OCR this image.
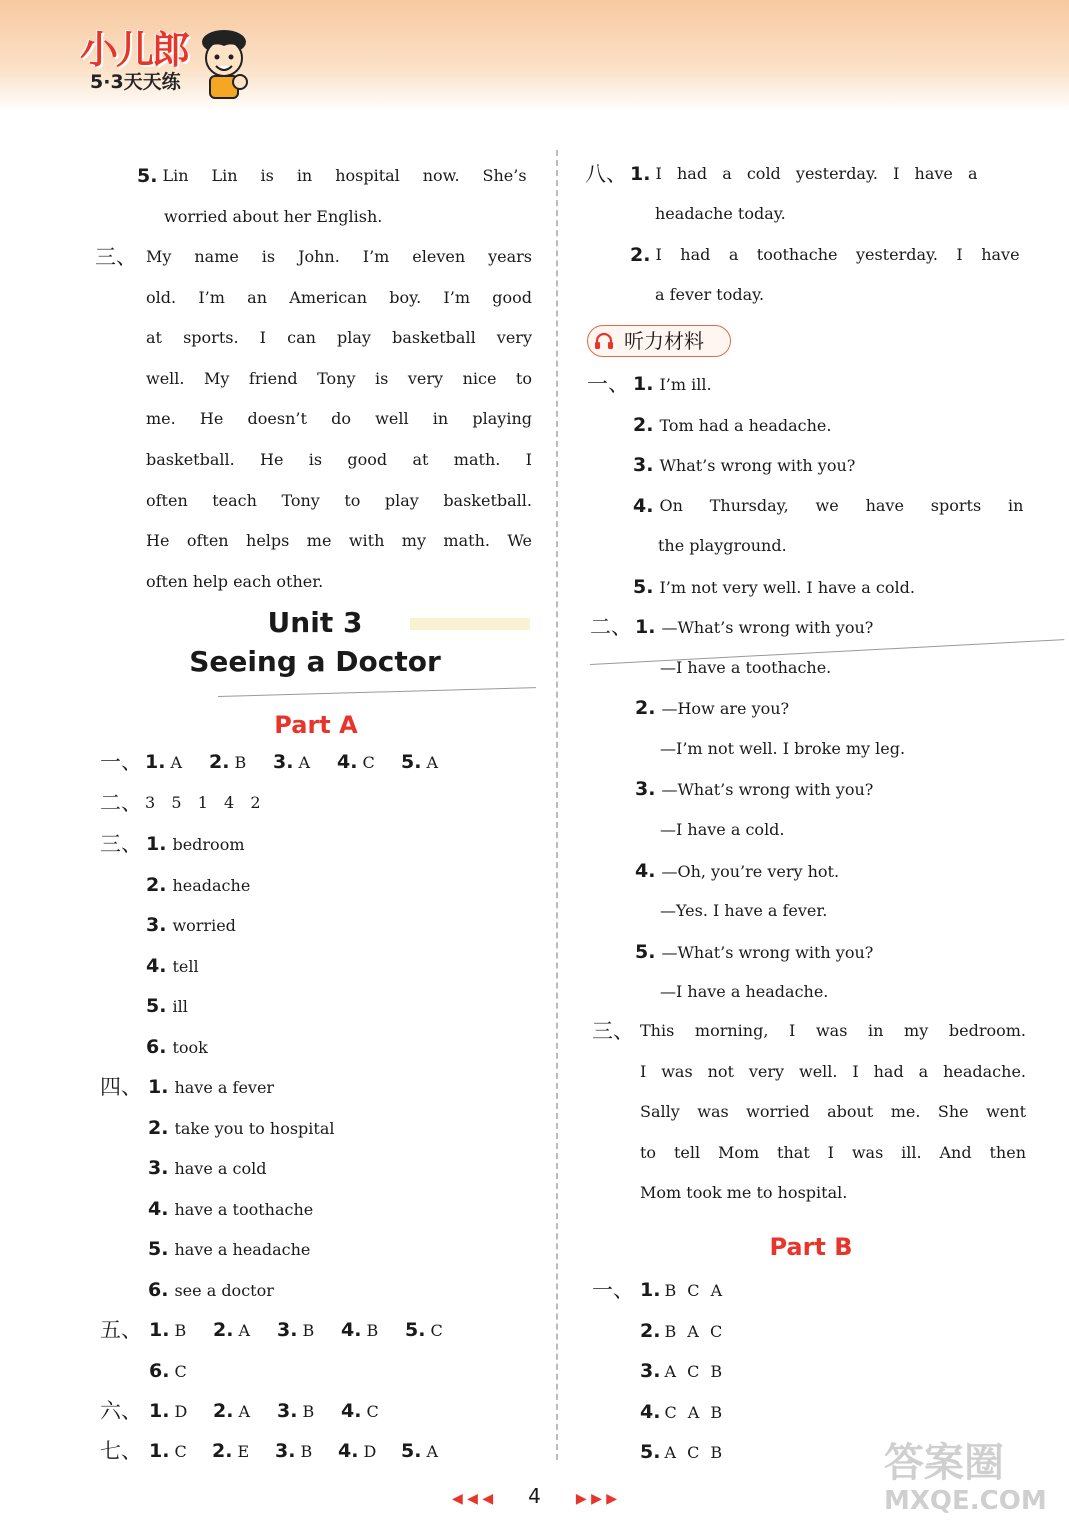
小儿郎
5·3天天练
5. Lin Lin is in hospital now. She’s
worried about her English.
三、 My name is John. I’m eleven years
old. I’m an American boy. I’m good
at sports. I can play basketball very
well. My friend Tony is very nice to
me. He doesn’t do well in playing
basketball. He is good at math. I
often teach Tony to play basketball.
He often helps me with my math. We
often help each other.
Unit 3
Seeing a Doctor
Part A
一、 1. A 2. B 3. A 4. C 5. A
二、 3  5  1  4  2
三、 1. bedroom
2. headache
3. worried
4. tell
5. ill
6. took
四、 1. have a fever
2. take you to hospital
3. have a cold
4. have a toothache
5. have a headache
6. see a doctor
五、 1. B 2. A 3. B 4. B 5. C
6. C
六、 1. D 2. A 3. B 4. C
七、 1. C 2. E 3. B 4. D 5. A
八、 1. I had a cold yesterday. I have a
headache today.
2. I had a toothache yesterday. I have
a fever today.
听力材料
一、 1. I’m ill.
2. Tom had a headache.
3. What’s wrong with you?
4. On Thursday, we have sports in
the playground.
5. I’m not very well. I have a cold.
二、 1. —What’s wrong with you?
—I have a toothache.
2. —How are you?
—I’m not well. I broke my leg.
3. —What’s wrong with you?
—I have a cold.
4. —Oh, you’re very hot.
—Yes. I have a fever.
5. —What’s wrong with you?
—I have a headache.
三、 This morning, I was in my bedroom.
I was not very well. I had a headache.
Sally was worried about me. She went
to tell Mom that I was ill. And then
Mom took me to hospital.
Part B
一、 1. B C A
2. B A C
3. A C B
4. C A B
5. A C B
◀ ◀ ◀ 4	▶ ▶ ▶
答案圈
MXQE.COM
